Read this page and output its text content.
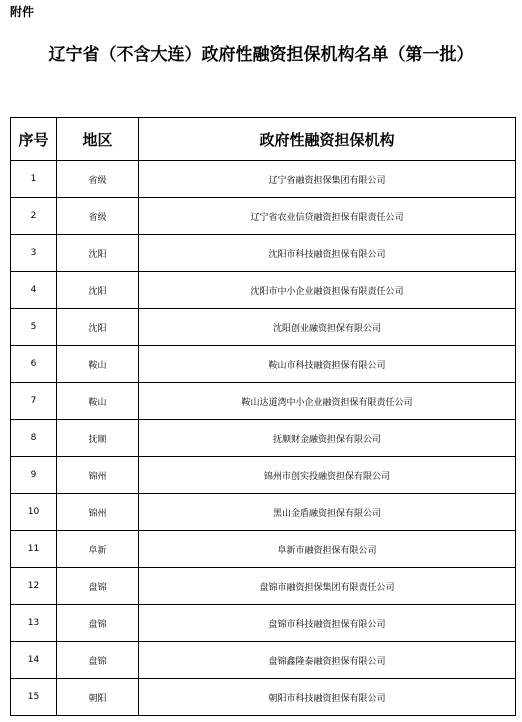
附件
辽宁省（不含大连）政府性融资担保机构名单（第一批）
序号	地区	政府性融资担保机构
1	省级	辽宁省融资担保集团有限公司
2	省级	辽宁省农业信贷融资担保有限责任公司
3	沈阳	沈阳市科技融资担保有限公司
4	沈阳	沈阳市中小企业融资担保有限责任公司
5	沈阳	沈阳创业融资担保有限公司
6	鞍山	鞍山市科技融资担保有限公司
7	鞍山	鞍山达道湾中小企业融资担保有限责任公司
8	抚顺	抚顺财金融资担保有限公司
9	锦州	锦州市创实投融资担保有限公司
10	锦州	黑山金盾融资担保有限公司
11	阜新	阜新市融资担保有限公司
12	盘锦	盘锦市融资担保集团有限责任公司
13	盘锦	盘锦市科技融资担保有限公司
14	盘锦	盘锦鑫隆泰融资担保有限公司
15	朝阳	朝阳市科技融资担保有限公司
